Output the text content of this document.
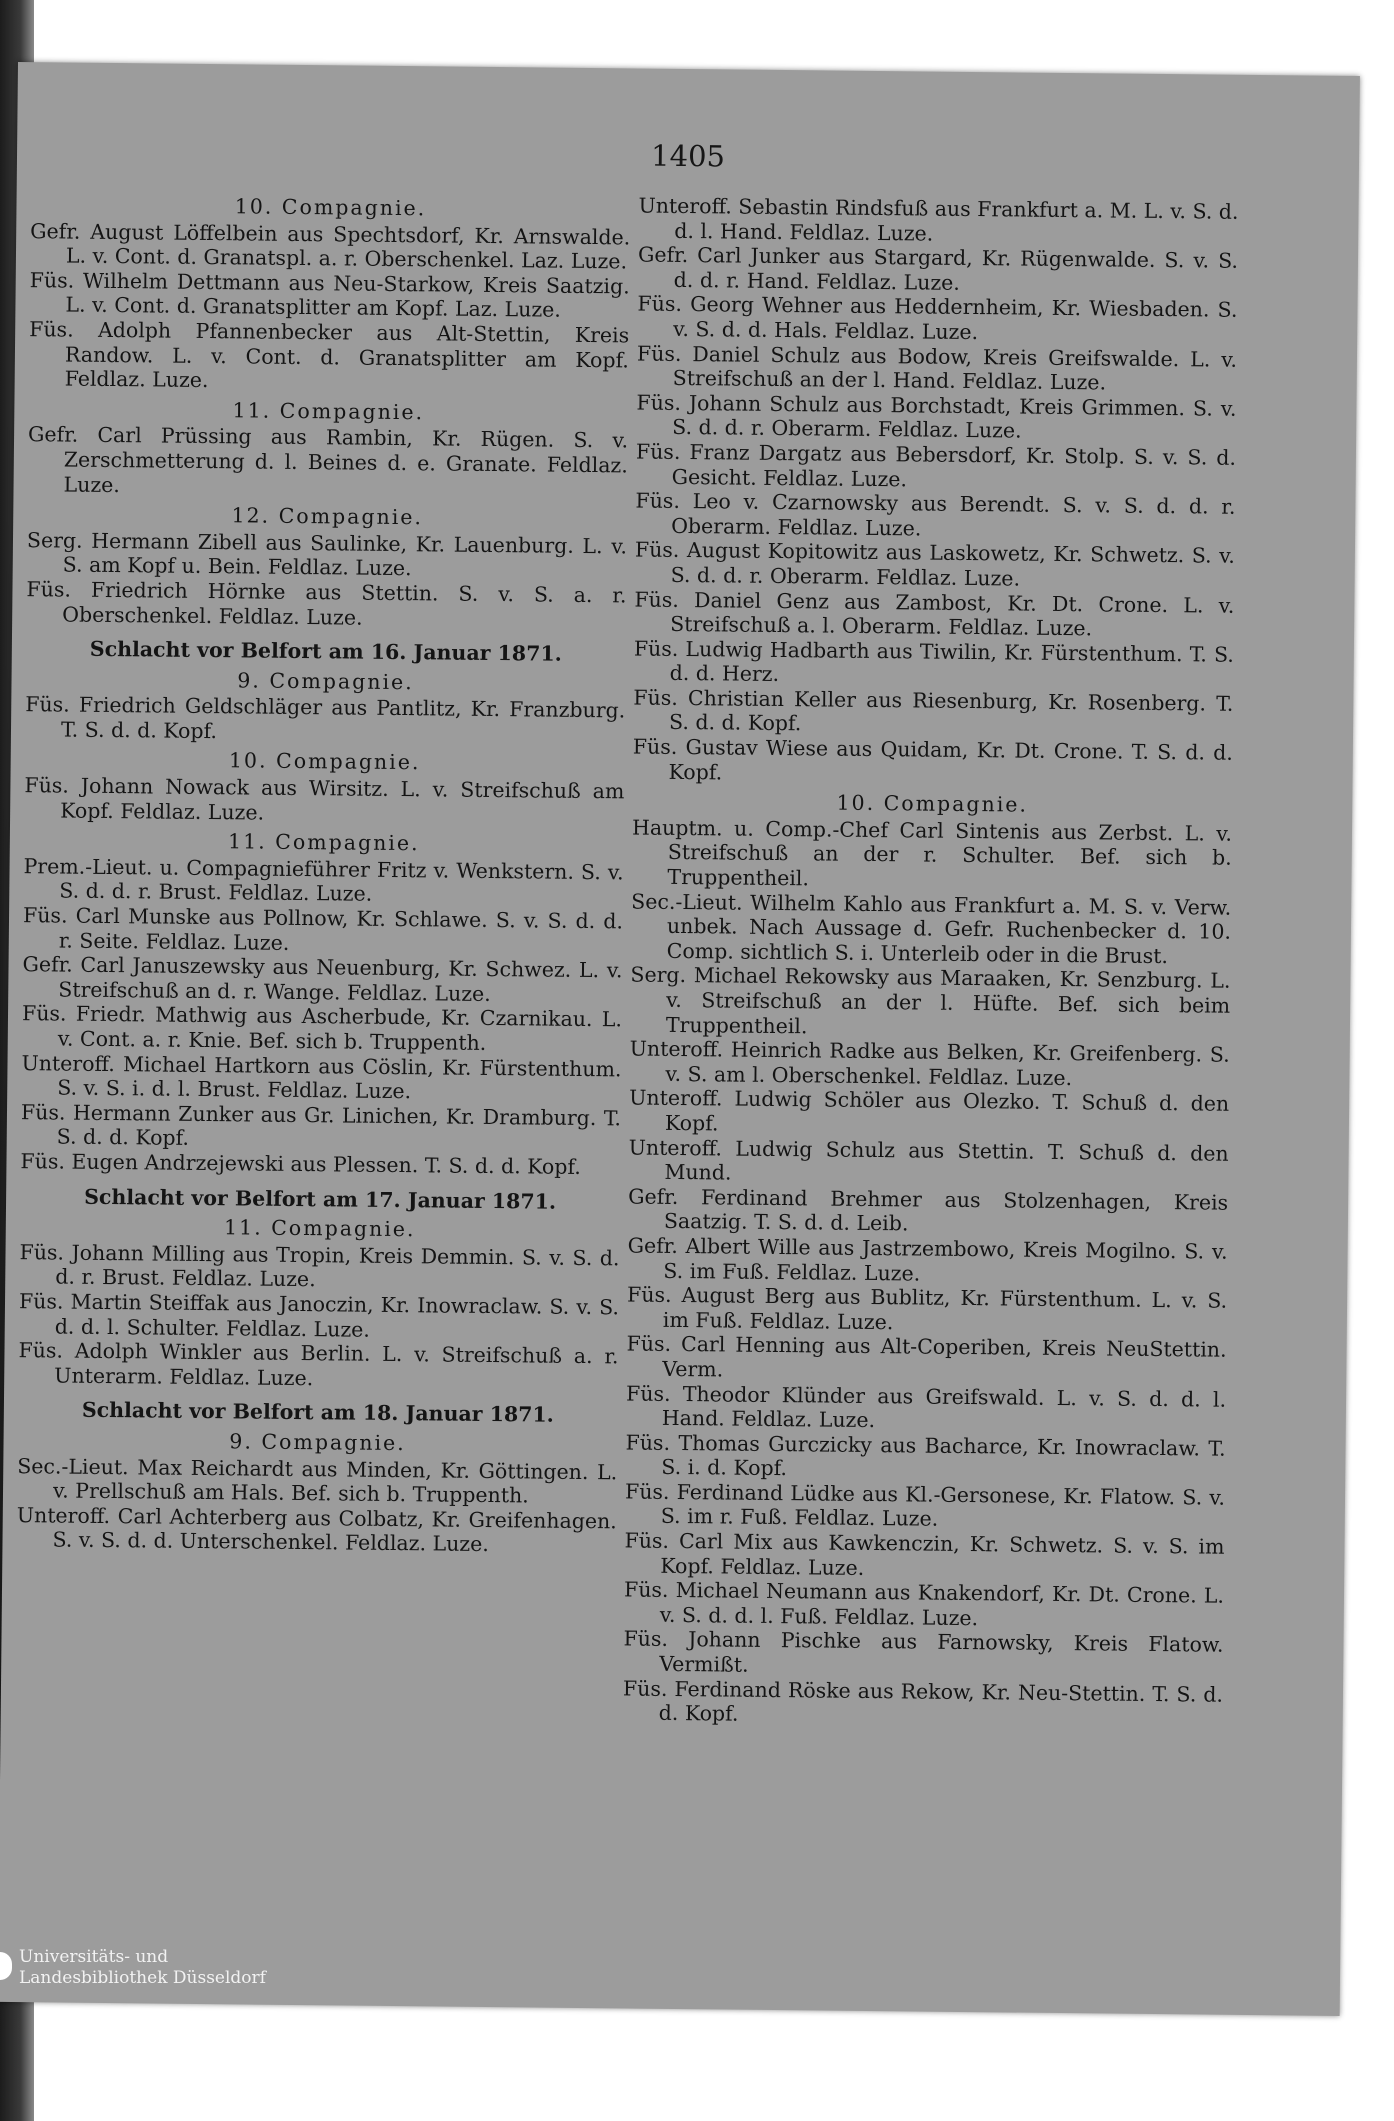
1405
10. Compagnie.

Gefr. August Löffelbein aus Spechtsdorf, Kr. Arnswalde. L. v. Cont. d. Granatspl. a. r. Oberschenkel. Laz. Luze.

Füs. Wilhelm Dettmann aus Neu-Starkow, Kreis Saatzig. L. v. Cont. d. Granatsplitter am Kopf. Laz. Luze.

Füs. Adolph Pfannenbecker aus Alt-Stettin, Kreis Randow. L. v. Cont. d. Granatsplitter am Kopf. Feldlaz. Luze.

11. Compagnie.

Gefr. Carl Prüssing aus Rambin, Kr. Rügen. S. v. Zerschmetterung d. l. Beines d. e. Granate. Feldlaz. Luze.

12. Compagnie.

Serg. Hermann Zibell aus Saulinke, Kr. Lauenburg. L. v. S. am Kopf u. Bein. Feldlaz. Luze.

Füs. Friedrich Hörnke aus Stettin. S. v. S. a. r. Oberschenkel. Feldlaz. Luze.

Schlacht vor Belfort am 16. Januar 1871.
9. Compagnie.

Füs. Friedrich Geldschläger aus Pantlitz, Kr. Franzburg. T. S. d. d. Kopf.

10. Compagnie.

Füs. Johann Nowack aus Wirsitz. L. v. Streifschuß am Kopf. Feldlaz. Luze.

11. Compagnie.

Prem.-Lieut. u. Compagnieführer Fritz v. Wenkstern. S. v. S. d. d. r. Brust. Feldlaz. Luze.

Füs. Carl Munske aus Pollnow, Kr. Schlawe. S. v. S. d. d. r. Seite. Feldlaz. Luze.

Gefr. Carl Januszewsky aus Neuenburg, Kr. Schwez. L. v. Streifschuß an d. r. Wange. Feldlaz. Luze.

Füs. Friedr. Mathwig aus Ascherbude, Kr. Czarnikau. L. v. Cont. a. r. Knie. Bef. sich b. Truppenth.

Unteroff. Michael Hartkorn aus Cöslin, Kr. Fürstenthum. S. v. S. i. d. l. Brust. Feldlaz. Luze.

Füs. Hermann Zunker aus Gr. Linichen, Kr. Dramburg. T. S. d. d. Kopf.

Füs. Eugen Andrzejewski aus Plessen. T. S. d. d. Kopf.

Schlacht vor Belfort am 17. Januar 1871.
11. Compagnie.

Füs. Johann Milling aus Tropin, Kreis Demmin. S. v. S. d. d. r. Brust. Feldlaz. Luze.

Füs. Martin Steiffak aus Janoczin, Kr. Inowraclaw. S. v. S. d. d. l. Schulter. Feldlaz. Luze.

Füs. Adolph Winkler aus Berlin. L. v. Streifschuß a. r. Unterarm. Feldlaz. Luze.

Schlacht vor Belfort am 18. Januar 1871.
9. Compagnie.

Sec.-Lieut. Max Reichardt aus Minden, Kr. Göttingen. L. v. Prellschuß am Hals. Bef. sich b. Truppenth.

Unteroff. Carl Achterberg aus Colbatz, Kr. Greifenhagen. S. v. S. d. d. Unterschenkel. Feldlaz. Luze.

Unteroff. Sebastin Rindsfuß aus Frankfurt a. M. L. v. S. d. d. l. Hand. Feldlaz. Luze.

Gefr. Carl Junker aus Stargard, Kr. Rügenwalde. S. v. S. d. d. r. Hand. Feldlaz. Luze.

Füs. Georg Wehner aus Heddernheim, Kr. Wiesbaden. S. v. S. d. d. Hals. Feldlaz. Luze.

Füs. Daniel Schulz aus Bodow, Kreis Greifswalde. L. v. Streifschuß an der l. Hand. Feldlaz. Luze.

Füs. Johann Schulz aus Borchstadt, Kreis Grimmen. S. v. S. d. d. r. Oberarm. Feldlaz. Luze.

Füs. Franz Dargatz aus Bebersdorf, Kr. Stolp. S. v. S. d. Gesicht. Feldlaz. Luze.

Füs. Leo v. Czarnowsky aus Berendt. S. v. S. d. d. r. Oberarm. Feldlaz. Luze.

Füs. August Kopitowitz aus Laskowetz, Kr. Schwetz. S. v. S. d. d. r. Oberarm. Feldlaz. Luze.

Füs. Daniel Genz aus Zambost, Kr. Dt. Crone. L. v. Streifschuß a. l. Oberarm. Feldlaz. Luze.

Füs. Ludwig Hadbarth aus Tiwilin, Kr. Fürstenthum. T. S. d. d. Herz.

Füs. Christian Keller aus Riesenburg, Kr. Rosenberg. T. S. d. d. Kopf.

Füs. Gustav Wiese aus Quidam, Kr. Dt. Crone. T. S. d. d. Kopf.

10. Compagnie.

Hauptm. u. Comp.-Chef Carl Sintenis aus Zerbst. L. v. Streifschuß an der r. Schulter. Bef. sich b. Truppentheil.

Sec.-Lieut. Wilhelm Kahlo aus Frankfurt a. M. S. v. Verw. unbek. Nach Aussage d. Gefr. Ruchenbecker d. 10. Comp. sichtlich S. i. Unterleib oder in die Brust.

Serg. Michael Rekowsky aus Maraaken, Kr. Senzburg. L. v. Streifschuß an der l. Hüfte. Bef. sich beim Truppentheil.

Unteroff. Heinrich Radke aus Belken, Kr. Greifenberg. S. v. S. am l. Oberschenkel. Feldlaz. Luze.

Unteroff. Ludwig Schöler aus Olezko. T. Schuß d. den Kopf.

Unteroff. Ludwig Schulz aus Stettin. T. Schuß d. den Mund.

Gefr. Ferdinand Brehmer aus Stolzenhagen, Kreis Saatzig. T. S. d. d. Leib.

Gefr. Albert Wille aus Jastrzembowo, Kreis Mogilno. S. v. S. im Fuß. Feldlaz. Luze.

Füs. August Berg aus Bublitz, Kr. Fürstenthum. L. v. S. im Fuß. Feldlaz. Luze.

Füs. Carl Henning aus Alt-Coperiben, Kreis NeuStettin. Verm.

Füs. Theodor Klünder aus Greifswald. L. v. S. d. d. l. Hand. Feldlaz. Luze.

Füs. Thomas Gurczicky aus Bacharce, Kr. Inowraclaw. T. S. i. d. Kopf.

Füs. Ferdinand Lüdke aus Kl.-Gersonese, Kr. Flatow. S. v. S. im r. Fuß. Feldlaz. Luze.

Füs. Carl Mix aus Kawkenczin, Kr. Schwetz. S. v. S. im Kopf. Feldlaz. Luze.

Füs. Michael Neumann aus Knakendorf, Kr. Dt. Crone. L. v. S. d. d. l. Fuß. Feldlaz. Luze.

Füs. Johann Pischke aus Farnowsky, Kreis Flatow. Vermißt.

Füs. Ferdinand Röske aus Rekow, Kr. Neu-Stettin. T. S. d. d. Kopf.

Universitäts- und
Landesbibliothek Düsseldorf
